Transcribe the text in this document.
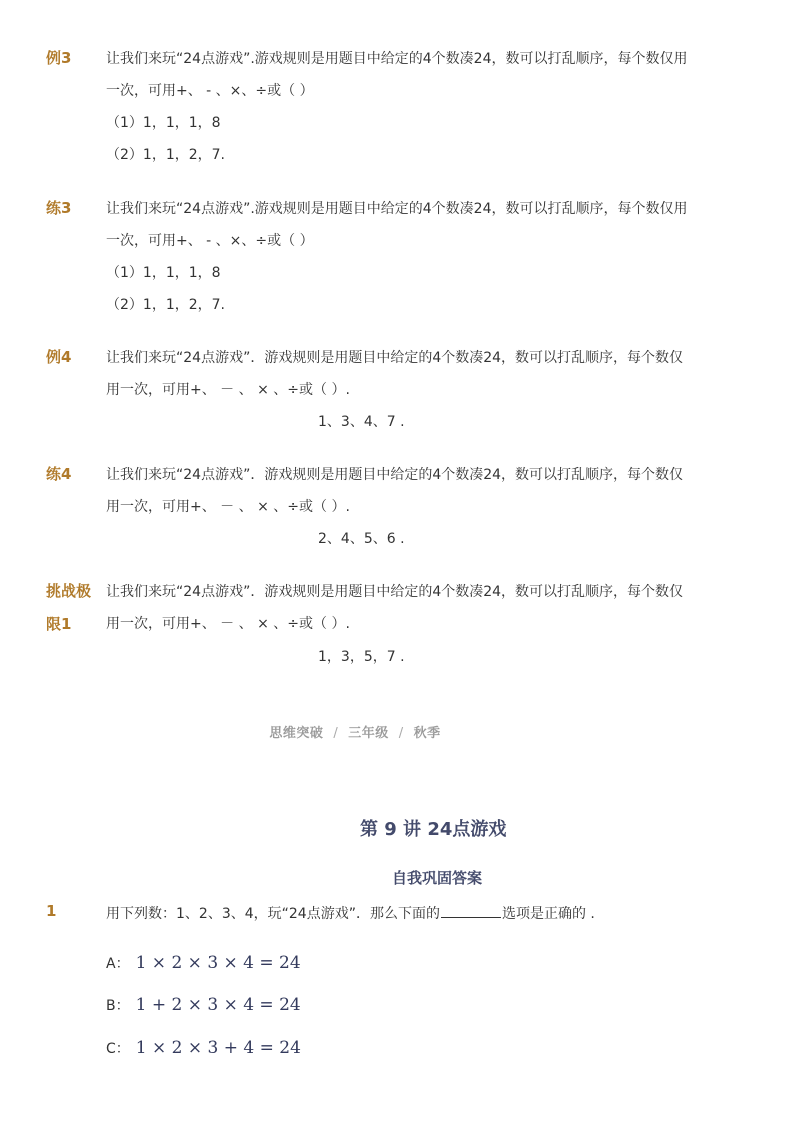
例3 让我们来玩“24点游戏”.游戏规则是用题目中给定的4个数凑24，数可以打乱顺序，每个数仅用
一次，可用+、 - 、×、÷或（ ）
（1）1，1，1，8
（2）1，1，2，7.
练3 让我们来玩“24点游戏”.游戏规则是用题目中给定的4个数凑24，数可以打乱顺序，每个数仅用
一次，可用+、 - 、×、÷或（ ）
（1）1，1，1，8
（2）1，1，2，7.
例4 让我们来玩“24点游戏”．游戏规则是用题目中给定的4个数凑24，数可以打乱顺序，每个数仅
用一次，可用+、 － 、 × 、÷或（ ）.
1、3、4、7 .
练4 让我们来玩“24点游戏”．游戏规则是用题目中给定的4个数凑24，数可以打乱顺序，每个数仅
用一次，可用+、 － 、 × 、÷或（ ）.
2、4、5、6 .
挑战极
限1
让我们来玩“24点游戏”．游戏规则是用题目中给定的4个数凑24，数可以打乱顺序，每个数仅
用一次，可用+、 － 、 × 、÷或（ ）.
1，3，5，7 .
思维突破 / 三年级 / 秋季
第 9 讲 24点游戏
自我巩固答案
1	用下列数：1、2、3、4，玩“24点游戏”．那么下面的	选项是正确的 .
A： 1 × 2 × 3 × 4 = 24
B： 1 + 2 × 3 × 4 = 24
C： 1 × 2 × 3 + 4 = 24
